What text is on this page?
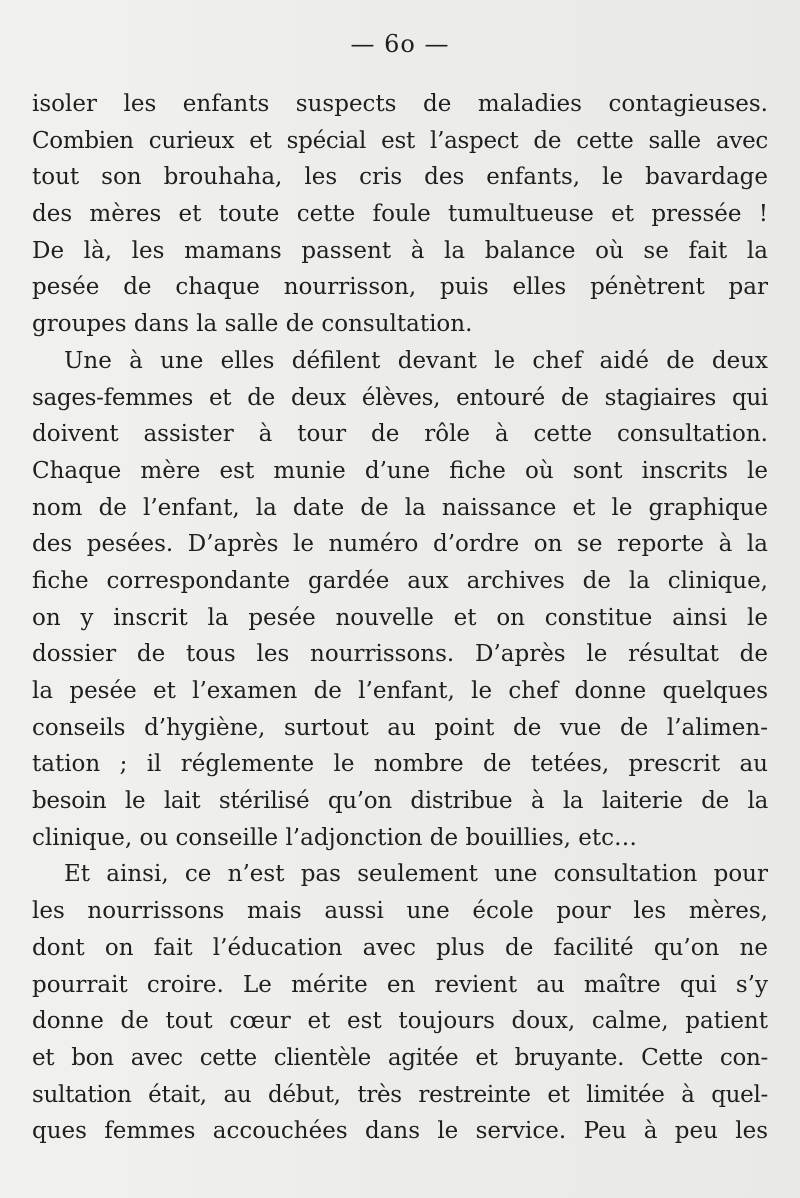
— 6o —
isoler les enfants suspects de maladies contagieuses.
Combien curieux et spécial est l’aspect de cette salle avec
tout son brouhaha, les cris des enfants, le bavardage
des mères et toute cette foule tumultueuse et pressée !
De là, les mamans passent à la balance où se fait la
pesée de chaque nourrisson, puis elles pénètrent par
groupes dans la salle de consultation.
Une à une elles défilent devant le chef aidé de deux
sages-femmes et de deux élèves, entouré de stagiaires qui
doivent assister à tour de rôle à cette consultation.
Chaque mère est munie d’une fiche où sont inscrits le
nom de l’enfant, la date de la naissance et le graphique
des pesées. D’après le numéro d’ordre on se reporte à la
fiche correspondante gardée aux archives de la clinique,
on y inscrit la pesée nouvelle et on constitue ainsi le
dossier de tous les nourrissons. D’après le résultat de
la pesée et l’examen de l’enfant, le chef donne quelques
conseils d’hygiène, surtout au point de vue de l’alimen-
tation ; il réglemente le nombre de tetées, prescrit au
besoin le lait stérilisé qu’on distribue à la laiterie de la
clinique, ou conseille l’adjonction de bouillies, etc…
Et ainsi, ce n’est pas seulement une consultation pour
les nourrissons mais aussi une école pour les mères,
dont on fait l’éducation avec plus de facilité qu’on ne
pourrait croire. Le mérite en revient au maître qui s’y
donne de tout cœur et est toujours doux, calme, patient
et bon avec cette clientèle agitée et bruyante. Cette con-
sultation était, au début, très restreinte et limitée à quel-
ques femmes accouchées dans le service. Peu à peu les
